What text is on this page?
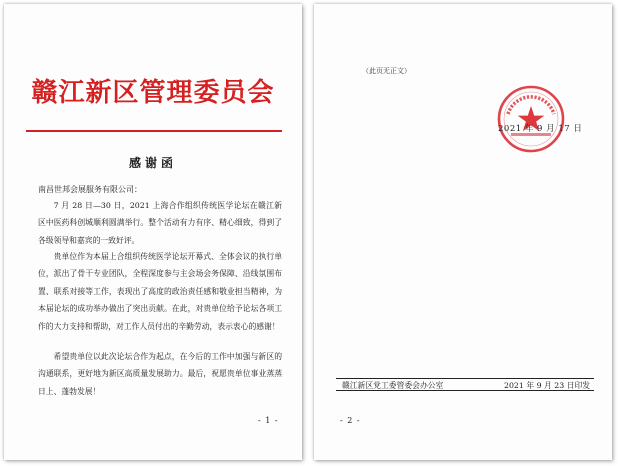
赣江新区管理委员会
感谢函
南昌世邦会展服务有限公司：

7 月 28 日—30 日，2021 上海合作组织传统医学论坛在赣江新区中医药科创城顺利圆满举行。整个活动有力有序、精心细致，得到了各级领导和嘉宾的一致好评。

贵单位作为本届上合组织传统医学论坛开幕式、全体会议的执行单位，派出了骨干专业团队，全程深度参与主会场会务保障、沿线氛围布置、联系对接等工作，表现出了高度的政治责任感和敬业担当精神，为本届论坛的成功举办做出了突出贡献。在此，对贵单位给予论坛各项工作的大力支持和帮助，对工作人员付出的辛勤劳动，表示衷心的感谢！

希望贵单位以此次论坛合作为起点，在今后的工作中加强与新区的沟通联系，更好地为新区高质量发展助力。最后，祝愿贵单位事业蒸蒸日上、蓬勃发展！

- 1 -
（此页无正文）
2021 年 9 月 17 日
赣江新区党工委管委会办公室	2021 年 9 月 23 日印发
- 2 -
